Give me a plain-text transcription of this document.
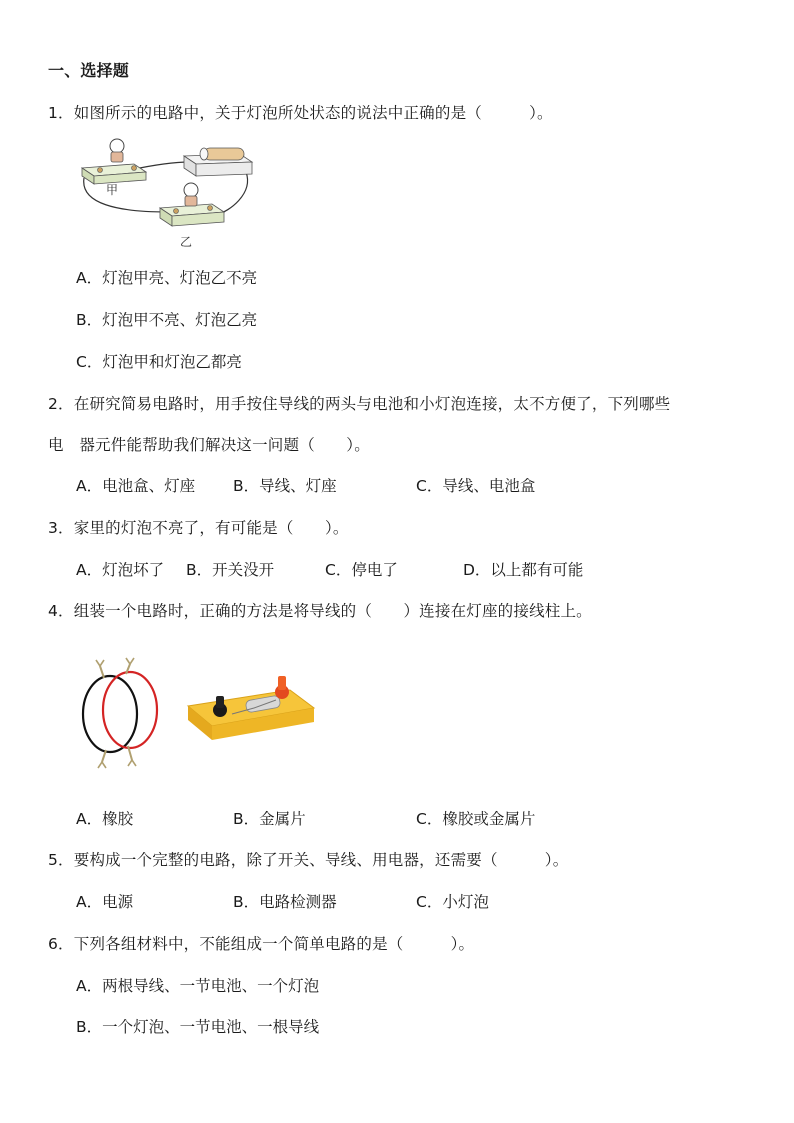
一、选择题
1．如图所示的电路中，关于灯泡所处状态的说法中正确的是（　　　）。
甲
乙
A．灯泡甲亮、灯泡乙不亮
B．灯泡甲不亮、灯泡乙亮
C．灯泡甲和灯泡乙都亮
2．在研究简易电路时，用手按住导线的两头与电池和小灯泡连接，太不方便了，下列哪些
电　器元件能帮助我们解决这一问题（　　）。
A．电池盒、灯座 B．导线、灯座	C．导线、电池盒
3．家里的灯泡不亮了，有可能是（　　）。
A．灯泡坏了 B．开关没开	C．停电了	D．以上都有可能
4．组装一个电路时，正确的方法是将导线的（　　）连接在灯座的接线柱上。
A．橡胶	B．金属片	C．橡胶或金属片
5．要构成一个完整的电路，除了开关、导线、用电器，还需要（　　　）。
A．电源	B．电路检测器	C．小灯泡
6．下列各组材料中，不能组成一个简单电路的是（　　　）。
A．两根导线、一节电池、一个灯泡
B．一个灯泡、一节电池、一根导线
